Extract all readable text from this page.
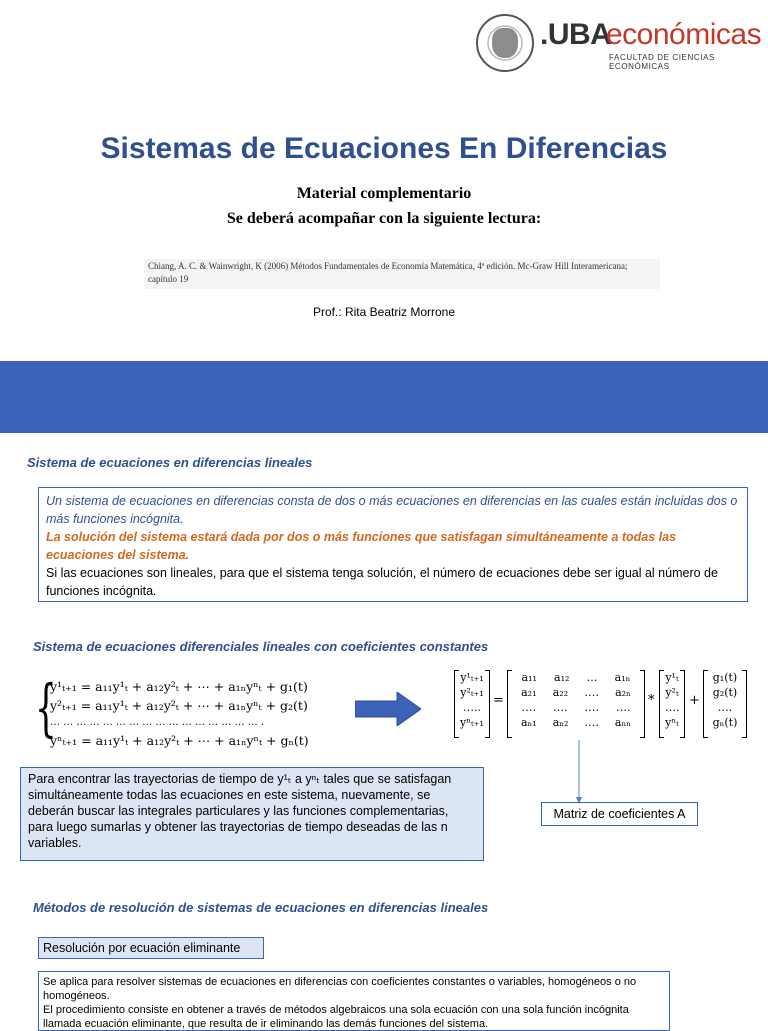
.UBA
económicas
FACULTAD DE CIENCIAS ECONÓMICAS
Sistemas de Ecuaciones En Diferencias
Material complementario
Se deberá acompañar con la siguiente lectura:
Chiang, A. C. & Wainwright, K (2006) Métodos Fundamentales de Economía Matemática, 4ª edición. Mc-Graw Hill Interamericana; capítulo 19
Prof.: Rita Beatriz Morrone
Sistema de ecuaciones en diferencias lineales
Un sistema de ecuaciones en diferencias consta de dos o más ecuaciones en diferencias en las cuales están incluidas dos o más funciones incógnita.
La solución del sistema estará dada por dos o más funciones que satisfagan simultáneamente a todas las ecuaciones del sistema.
Si las ecuaciones son lineales, para que el sistema tenga solución, el número de ecuaciones debe ser igual al número de funciones incógnita.
Sistema de ecuaciones diferenciales lineales con coeficientes constantes
{
y¹ₜ₊₁ = a₁₁y¹ₜ + a₁₂y²ₜ + ⋯ + a₁ₙyⁿₜ + g₁(t)
y²ₜ₊₁ = a₁₁y¹ₜ + a₁₂y²ₜ + ⋯ + a₁ₙyⁿₜ + g₂(t)
… … … … … … … … … … … … … … … … .
yⁿₜ₊₁ = a₁₁y¹ₜ + a₁₂y²ₜ + ⋯ + a₁ₙyⁿₜ + gₙ(t)
y¹ₜ₊₁
y²ₜ₊₁
…..
yⁿₜ₊₁
=
a₁₁ a₁₂ … a₁ₙ
a₂₁ a₂₂ …. a₂ₙ
…. …. …. ….
aₙ₁ aₙ₂ …. aₙₙ
*
y¹ₜ
y²ₜ
….
yⁿₜ
+
g₁(t)
g₂(t)
….
gₙ(t)
Matriz de coeficientes A
Para encontrar las trayectorias de tiempo de y¹ₜ a yⁿₜ tales que se satisfagan simultáneamente todas las ecuaciones en este sistema, nuevamente, se deberán buscar las integrales particulares y las funciones complementarias, para luego sumarlas y obtener las trayectorias de tiempo deseadas de las n variables.
Métodos de resolución de sistemas de ecuaciones en diferencias lineales
Resolución por ecuación eliminante
Se aplica para resolver sistemas de ecuaciones en diferencias con coeficientes constantes o variables, homogéneos o no homogéneos.
El procedimiento consiste en obtener a través de métodos algebraicos una sola ecuación con una sola función incógnita llamada ecuación eliminante, que resulta de ir eliminando las demás funciones del sistema.
